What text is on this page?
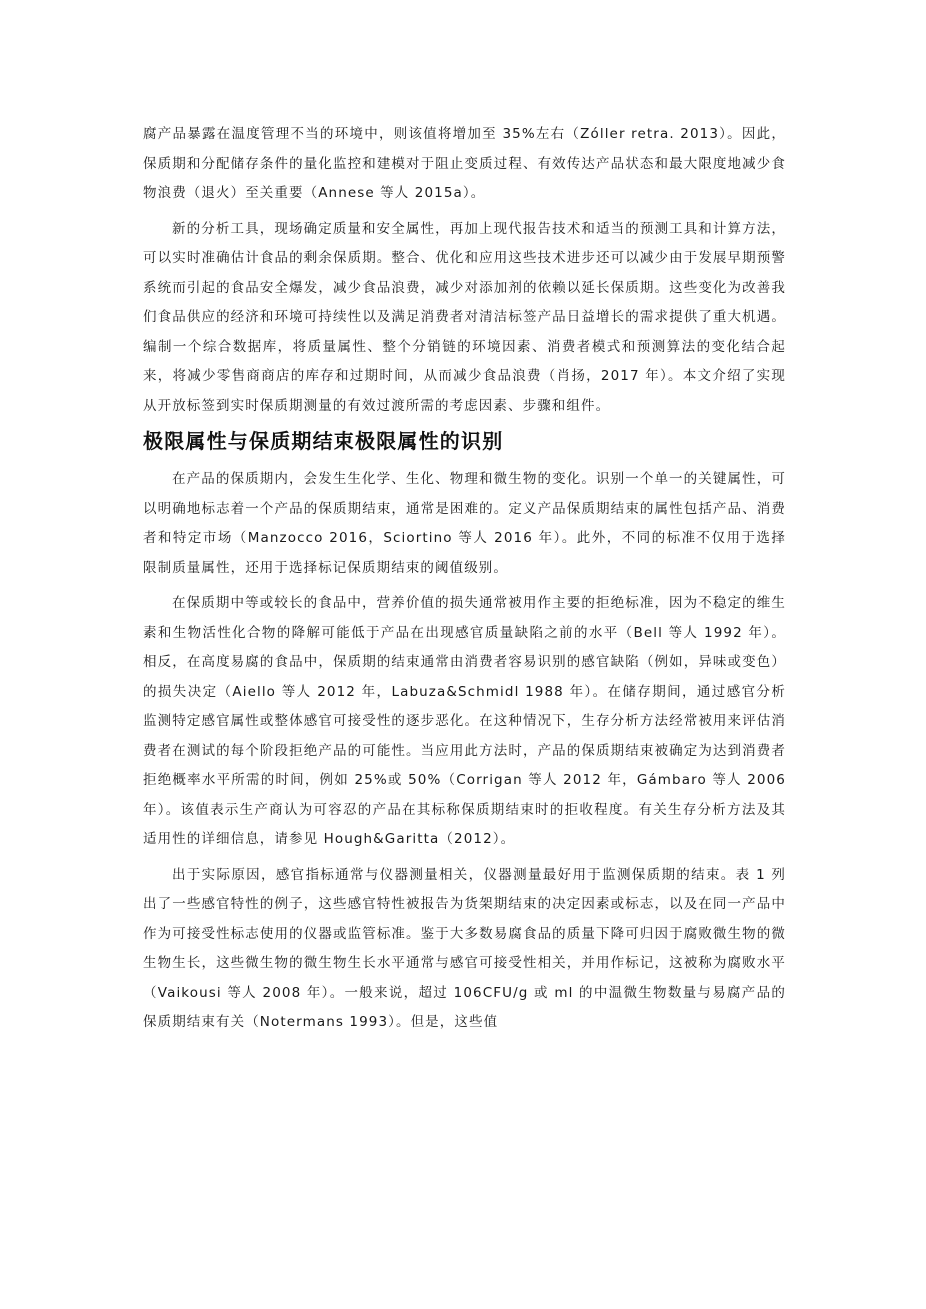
腐产品暴露在温度管理不当的环境中，则该值将增加至 35%左右（Zóller retra. 2013）。因此，保质期和分配储存条件的量化监控和建模对于阻止变质过程、有效传达产品状态和最大限度地减少食物浪费（退火）至关重要（Annese 等人 2015a）。

新的分析工具，现场确定质量和安全属性，再加上现代报告技术和适当的预测工具和计算方法，可以实时准确估计食品的剩余保质期。整合、优化和应用这些技术进步还可以减少由于发展早期预警系统而引起的食品安全爆发，减少食品浪费，减少对添加剂的依赖以延长保质期。这些变化为改善我们食品供应的经济和环境可持续性以及满足消费者对清洁标签产品日益增长的需求提供了重大机遇。编制一个综合数据库，将质量属性、整个分销链的环境因素、消费者模式和预测算法的变化结合起来，将减少零售商商店的库存和过期时间，从而减少食品浪费（肖扬，2017 年）。本文介绍了实现从开放标签到实时保质期测量的有效过渡所需的考虑因素、步骤和组件。

极限属性与保质期结束极限属性的识别

在产品的保质期内，会发生生化学、生化、物理和微生物的变化。识别一个单一的关键属性，可以明确地标志着一个产品的保质期结束，通常是困难的。定义产品保质期结束的属性包括产品、消费者和特定市场（Manzocco 2016，Sciortino 等人 2016 年）。此外，不同的标准不仅用于选择限制质量属性，还用于选择标记保质期结束的阈值级别。

在保质期中等或较长的食品中，营养价值的损失通常被用作主要的拒绝标准，因为不稳定的维生素和生物活性化合物的降解可能低于产品在出现感官质量缺陷之前的水平（Bell 等人 1992 年）。相反，在高度易腐的食品中，保质期的结束通常由消费者容易识别的感官缺陷（例如，异味或变色）的损失决定（Aiello 等人 2012 年，Labuza&Schmidl 1988 年）。在储存期间，通过感官分析监测特定感官属性或整体感官可接受性的逐步恶化。在这种情况下，生存分析方法经常被用来评估消费者在测试的每个阶段拒绝产品的可能性。当应用此方法时，产品的保质期结束被确定为达到消费者拒绝概率水平所需的时间，例如 25%或 50%（Corrigan 等人 2012 年，Gámbaro 等人 2006 年）。该值表示生产商认为可容忍的产品在其标称保质期结束时的拒收程度。有关生存分析方法及其适用性的详细信息，请参见 Hough&Garitta（2012）。

出于实际原因，感官指标通常与仪器测量相关，仪器测量最好用于监测保质期的结束。表 1 列出了一些感官特性的例子，这些感官特性被报告为货架期结束的决定因素或标志，以及在同一产品中作为可接受性标志使用的仪器或监管标准。鉴于大多数易腐食品的质量下降可归因于腐败微生物的微生物生长，这些微生物的微生物生长水平通常与感官可接受性相关，并用作标记，这被称为腐败水平（Vaikousi 等人 2008 年）。一般来说，超过 106CFU/g 或 ml 的中温微生物数量与易腐产品的保质期结束有关（Notermans 1993）。但是，这些值
